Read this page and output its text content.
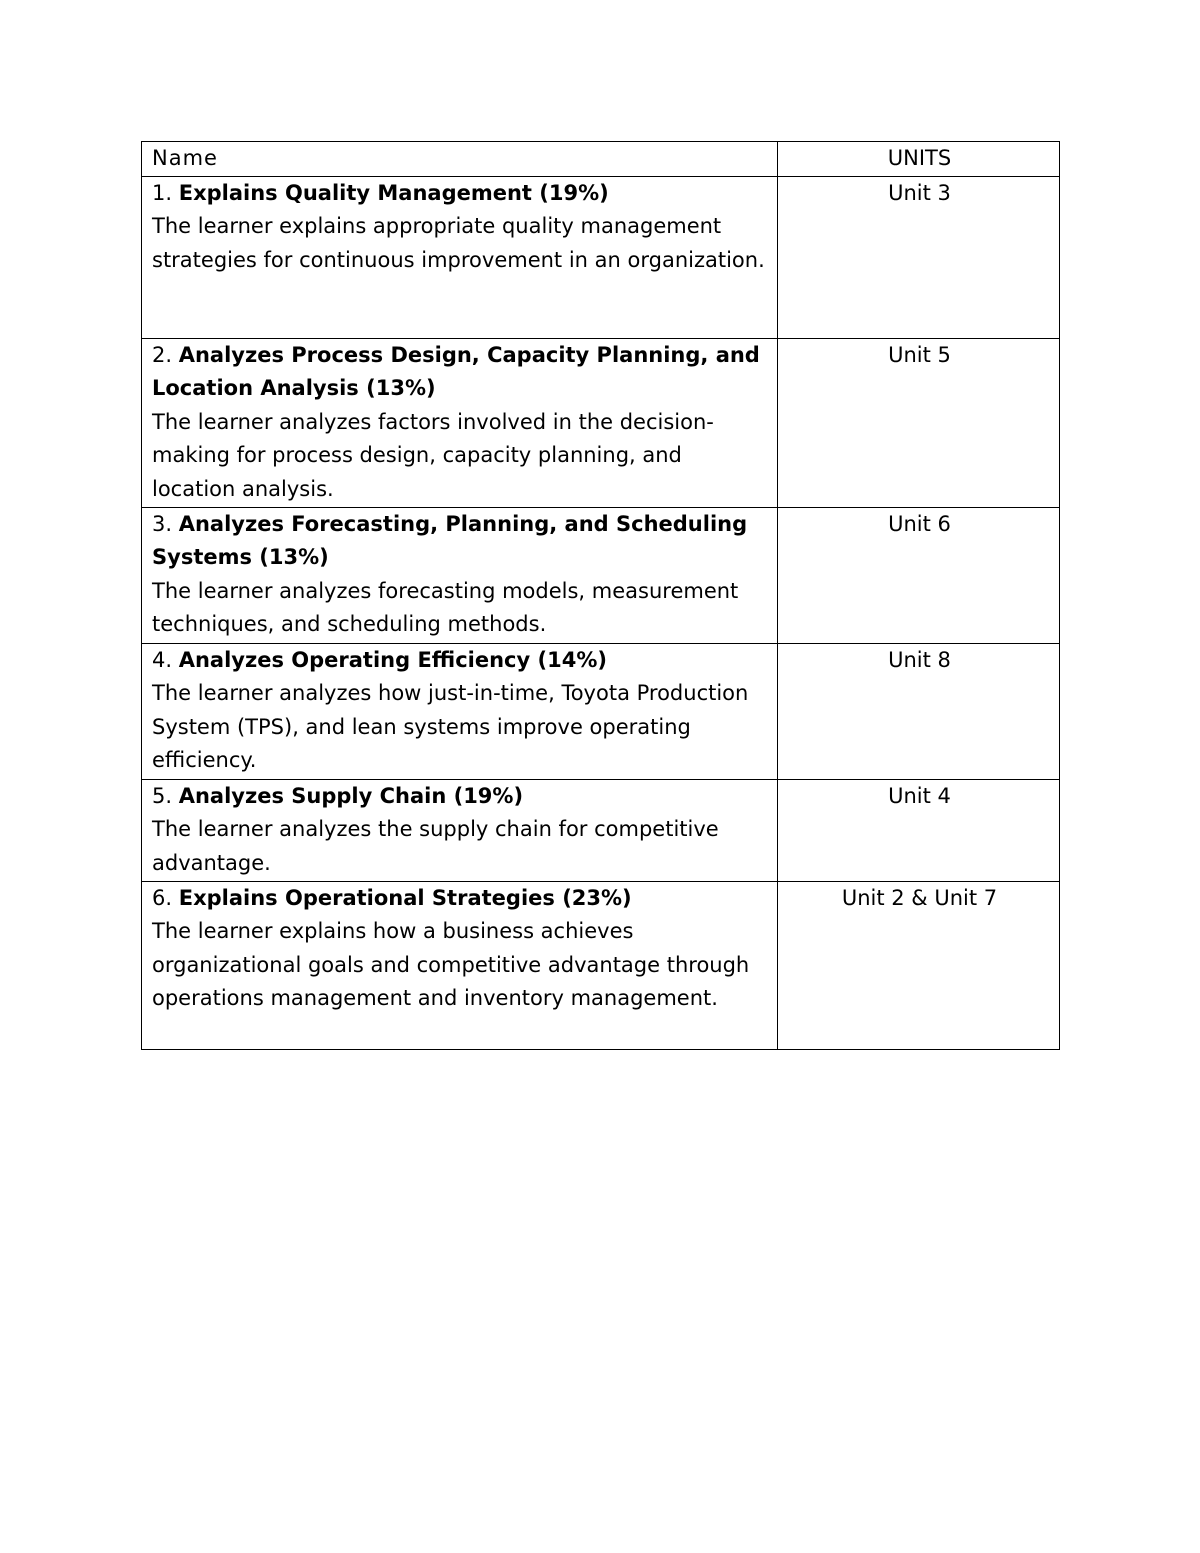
Name	UNITS
1. Explains Quality Management (19%)
The learner explains appropriate quality management strategies for continuous improvement in an organization.	Unit 3
2. Analyzes Process Design, Capacity Planning, and Location Analysis (13%)
The learner analyzes factors involved in the decision-making for process design, capacity planning, and location analysis.	Unit 5
3. Analyzes Forecasting, Planning, and Scheduling Systems (13%)
The learner analyzes forecasting models, measurement techniques, and scheduling methods.	Unit 6
4. Analyzes Operating Efficiency (14%)
The learner analyzes how just-in-time, Toyota Production System (TPS), and lean systems improve operating efficiency.	Unit 8
5. Analyzes Supply Chain (19%)
The learner analyzes the supply chain for competitive advantage.	Unit 4
6. Explains Operational Strategies (23%)
The learner explains how a business achieves organizational goals and competitive advantage through operations management and inventory management.	Unit 2 & Unit 7
